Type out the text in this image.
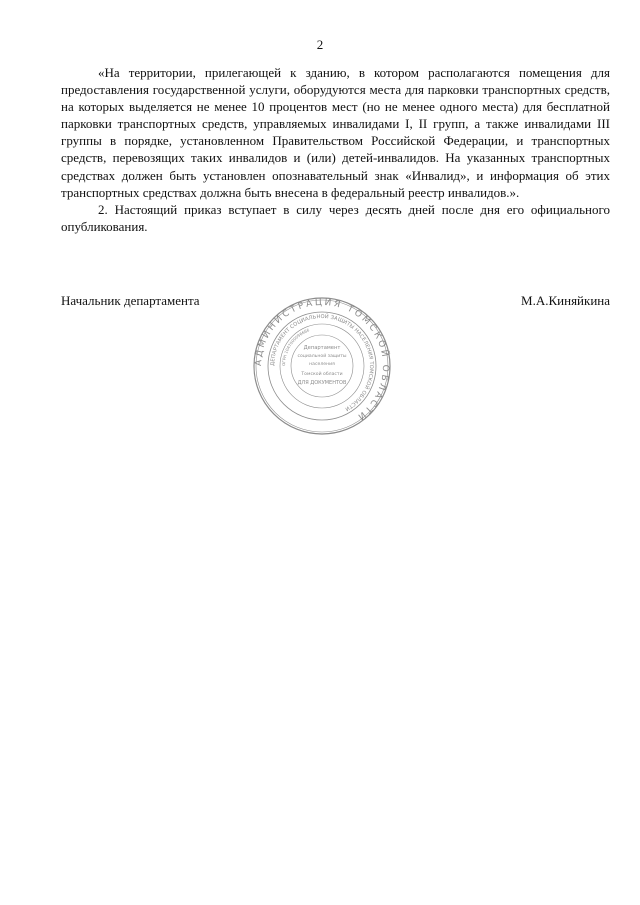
2

«На территории, прилегающей к зданию, в котором располагаются помещения для предоставления государственной услуги, оборудуются места для парковки транспортных средств, на которых выделяется не менее 10 процентов мест (но не менее одного места) для бесплатной парковки транспортных средств, управляемых инвалидами I, II групп, а также инвалидами III группы в порядке, установленном Правительством Российской Федерации, и транспортных средств, перевозящих таких инвалидов и (или) детей-инвалидов. На указанных транспортных средствах должен быть установлен опознавательный знак «Инвалид», и информация об этих транспортных средствах должна быть внесена в федеральный реестр инвалидов.».

2. Настоящий приказ вступает в силу через десять дней после дня его официального опубликования.

Начальник департамента	М.А.Киняйкина
АДМИНИСТРАЦИЯ ТОМСКОЙ ОБЛАСТИ
ДЕПАРТАМЕНТ СОЦИАЛЬНОЙ ЗАЩИТЫ НАСЕЛЕНИЯ ТОМСКОЙ ОБЛАСТИ
ОГРН 1047000096666
Департамент
социальной защиты
населения
Томской области
ДЛЯ ДОКУМЕНТОВ
